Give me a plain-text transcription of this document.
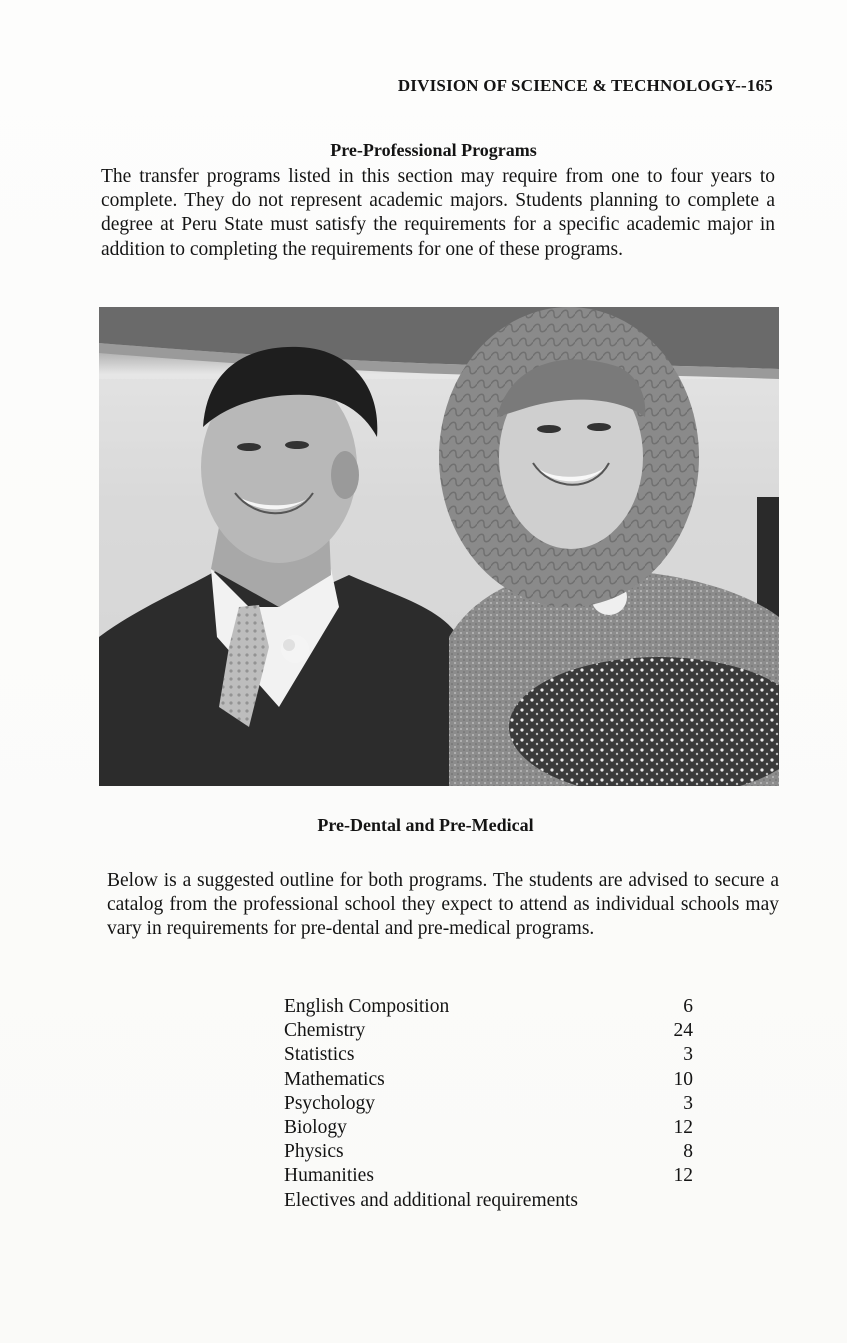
DIVISION OF SCIENCE & TECHNOLOGY--165
Pre-Professional Programs
The transfer programs listed in this section may require from one to four years to complete. They do not represent academic majors. Students planning to complete a degree at Peru State must satisfy the requirements for a specific academic major in addition to completing the requirements for one of these programs.
Pre-Dental and Pre-Medical
Below is a suggested outline for both programs. The students are advised to secure a catalog from the professional school they expect to attend as individual schools may vary in requirements for pre-dental and pre-medical programs.
English Composition	6
Chemistry	24
Statistics	3
Mathematics	10
Psychology	3
Biology	12
Physics	8
Humanities	12
Electives and additional requirements
